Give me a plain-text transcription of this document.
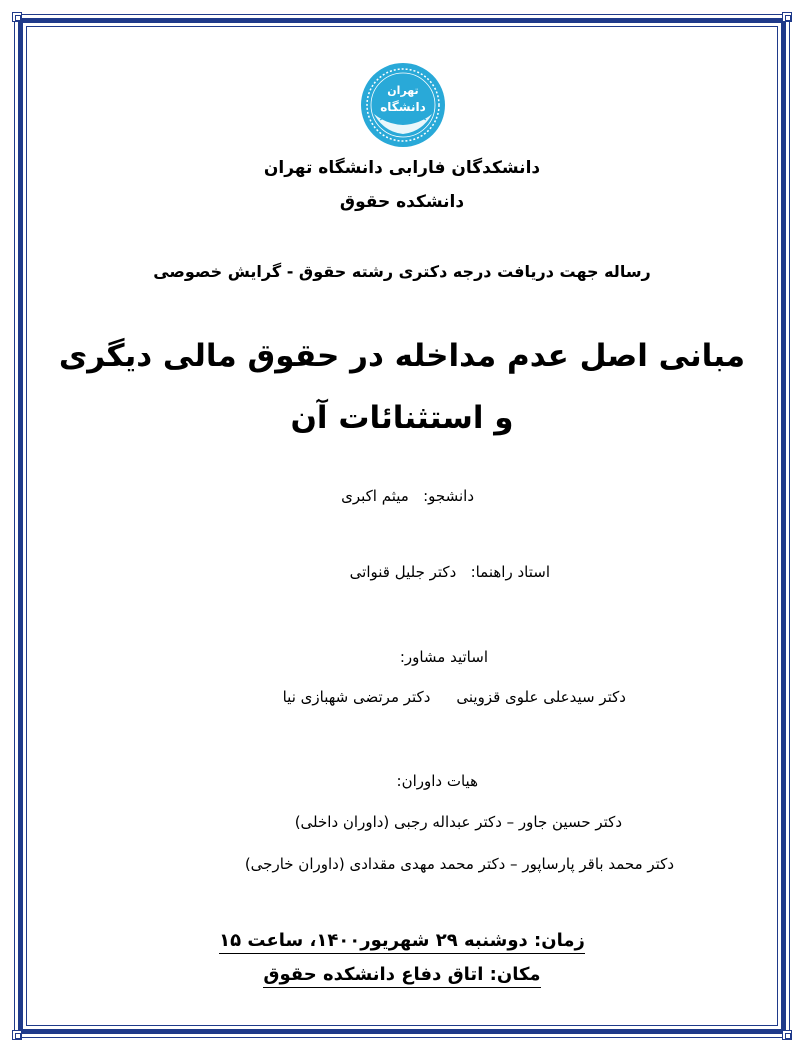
تهران
دانشگاه
دانشکدگان فارابی دانشگاه تهران
دانشکده حقوق
رساله جهت دریافت درجه دکتری رشته حقوق - گرایش خصوصی
مبانی اصل عدم مداخله در حقوق مالی دیگری
و استثنائات آن
دانشجو:   میثم اکبری
استاد راهنما:   دکتر جلیل قنواتی
اساتید مشاور:
دکتر سیدعلی علوی قزوینیدکتر مرتضی شهبازی نیا
هیات داوران:
دکتر حسین جاور – دکتر عبداله رجبی (داوران داخلی)
دکتر محمد باقر پارساپور – دکتر محمد مهدی مقدادی (داوران خارجی)
زمان: دوشنبه ۲۹ شهریور۱۴۰۰، ساعت ۱۵
مکان: اتاق دفاع دانشکده حقوق
